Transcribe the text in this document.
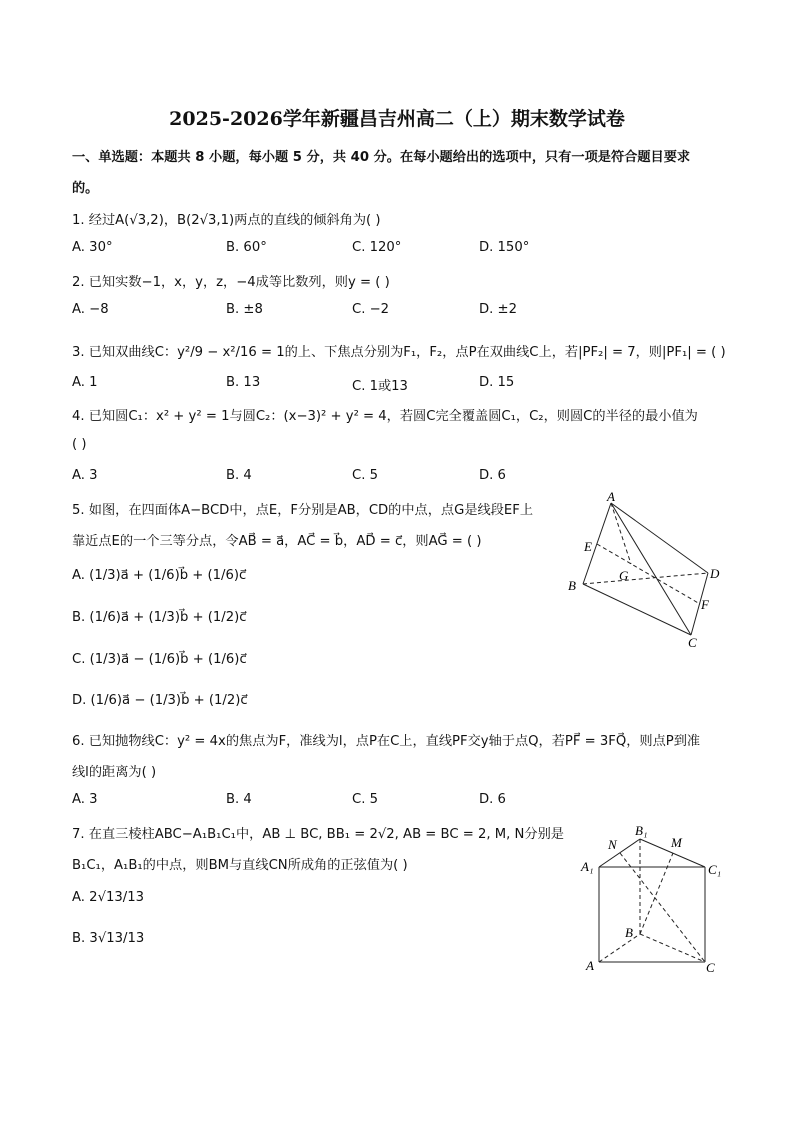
2025-2026学年新疆昌吉州高二（上）期末数学试卷
一、单选题：本题共 8 小题，每小题 5 分，共 40 分。在每小题给出的选项中，只有一项是符合题目要求
的。
1. 经过A(√3,2)，B(2√3,1)两点的直线的倾斜角为( )
A. 30°	B. 60°	C. 120°	D. 150°
2. 已知实数−1，x，y，z，−4成等比数列，则y = ( )
A. −8	B. ±8	C. −2	D. ±2
3. 已知双曲线C：y²/9 − x²/16 = 1的上、下焦点分别为F₁，F₂，点P在双曲线C上，若|PF₂| = 7，则|PF₁| = ( )
A. 1	B. 13	C. 1或13	D. 15
4. 已知圆C₁：x² + y² = 1与圆C₂：(x−3)² + y² = 4，若圆C完全覆盖圆C₁，C₂，则圆C的半径的最小值为
( )
A. 3	B. 4	C. 5	D. 6
5. 如图，在四面体A−BCD中，点E，F分别是AB，CD的中点，点G是线段EF上
靠近点E的一个三等分点，令AB⃗ = a⃗，AC⃗ = b⃗，AD⃗ = c⃗，则AG⃗ = ( )
A. (1/3)a⃗ + (1/6)b⃗ + (1/6)c⃗
B. (1/6)a⃗ + (1/3)b⃗ + (1/2)c⃗
C. (1/3)a⃗ − (1/6)b⃗ + (1/6)c⃗
D. (1/6)a⃗ − (1/3)b⃗ + (1/2)c⃗
A
B
C
D
E
F
G
6. 已知抛物线C：y² = 4x的焦点为F，准线为l，点P在C上，直线PF交y轴于点Q，若PF⃗ = 3FQ⃗，则点P到准
线l的距离为( )
A. 3	B. 4	C. 5	D. 6
7. 在直三棱柱ABC−A₁B₁C₁中，AB ⊥ BC, BB₁ = 2√2, AB = BC = 2, M, N分别是
B₁C₁，A₁B₁的中点，则BM与直线CN所成角的正弦值为( )
A. 2√13/13
B. 3√13/13
B₁
M
N
A₁	C₁
B
A	C
